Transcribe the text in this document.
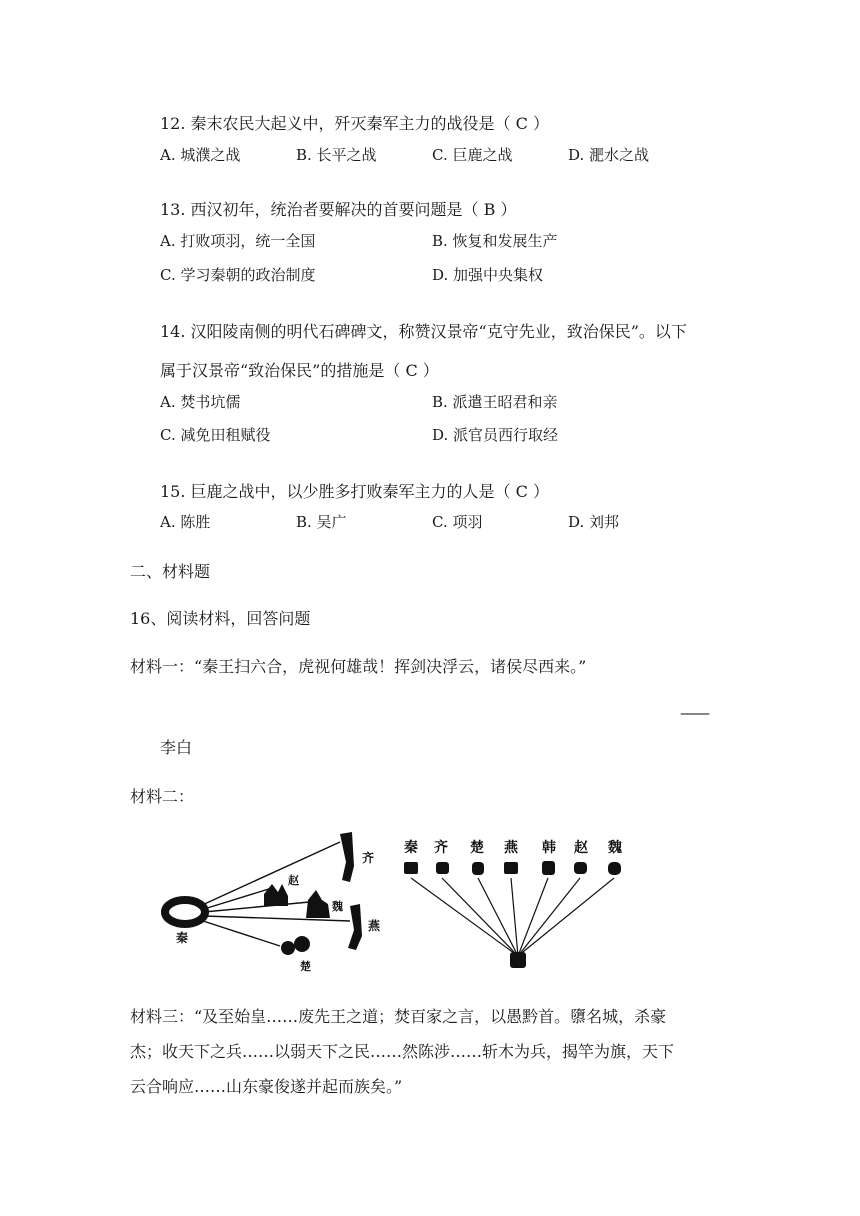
12. 秦末农民大起义中，歼灭秦军主力的战役是（ C ）
A. 城濮之战	B. 长平之战	C. 巨鹿之战	D. 淝水之战
13. 西汉初年，统治者要解决的首要问题是（ B ）
A. 打败项羽，统一全国	B. 恢复和发展生产
C. 学习秦朝的政治制度	D. 加强中央集权
14. 汉阳陵南侧的明代石碑碑文，称赞汉景帝“克守先业，致治保民”。以下
属于汉景帝“致治保民”的措施是（ C ）
A. 焚书坑儒	B. 派遣王昭君和亲
C. 减免田租赋役	D. 派官员西行取经
15. 巨鹿之战中，以少胜多打败秦军主力的人是（ C ）
A. 陈胜	B. 吴广	C. 项羽	D. 刘邦
二、材料题
16、阅读材料，回答问题
材料一：“秦王扫六合，虎视何雄哉！挥剑决浮云，诸侯尽西来。”
——
李白
材料二：
齐
赵
魏
燕
秦
楚
秦 齐 楚 燕 韩 赵 魏
材料三：“及至始皇……废先王之道；焚百家之言，以愚黔首。隳名城，杀豪
杰；收天下之兵……以弱天下之民……然陈涉……斩木为兵，揭竿为旗，天下
云合响应……山东豪俊遂并起而族矣。”
